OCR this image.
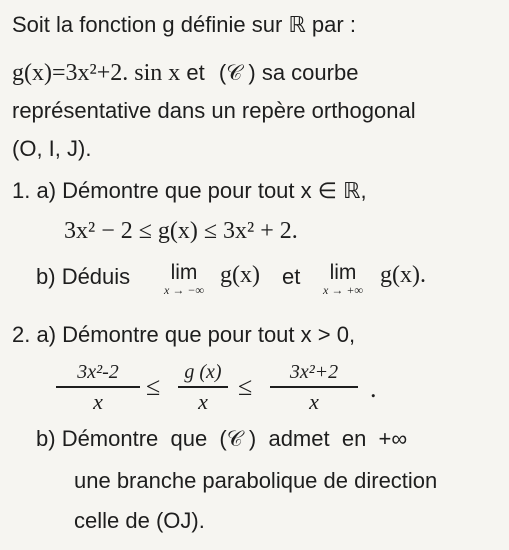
Soit la fonction g définie sur ℝ par :
g(x)=3x²+2. sin x et (𝒞 ) sa courbe
représentative dans un repère orthogonal
(O, I, J).
1. a) Démontre que pour tout x ∈ ℝ,
3x² − 2 ≤ g(x) ≤ 3x² + 2.
b) Déduis	lim
x → −∞
g(x) et	lim
x → +∞
g(x).
2. a) Démontre que pour tout x > 0,
3x²-2
x
≤	g (x)
x
≤	3x²+2
x	.
b) Démontre  que  (𝒞 )  admet  en  +∞
une branche parabolique de direction
celle de (OJ).
